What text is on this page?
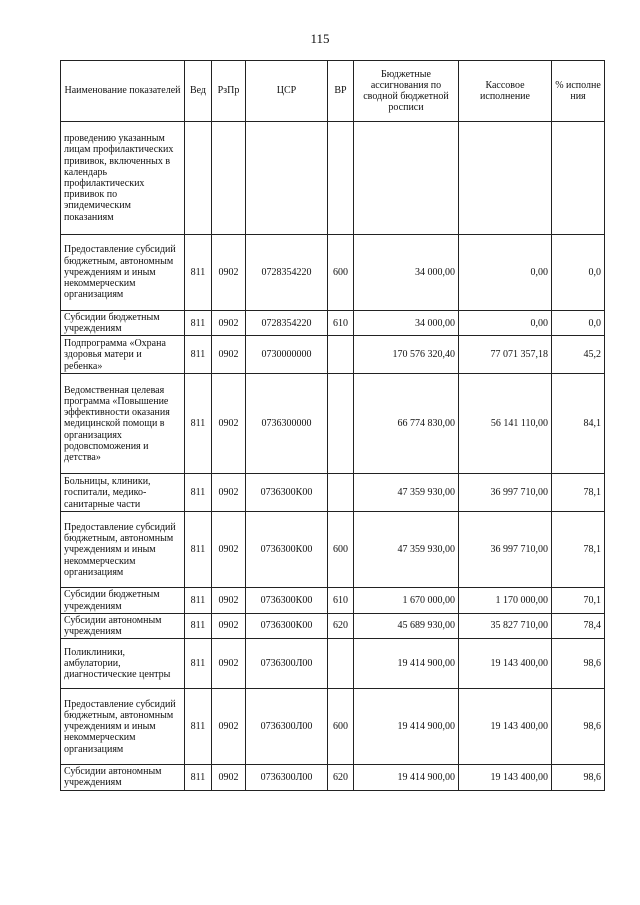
115
Наименование показателей	Вед	РзПр	ЦСР	ВР	Бюджетные ассигнования по сводной бюджетной росписи	Кассовое исполнение	% исполне ния
проведению указанным лицам профилактических прививок, включенных в календарь профилактических прививок по эпидемическим показаниям							
Предоставление субсидий бюджетным, автономным учреждениям и иным некоммерческим организациям	811	0902	0728354220	600	34 000,00	0,00	0,0
Субсидии бюджетным учреждениям	811	0902	0728354220	610	34 000,00	0,00	0,0
Подпрограмма «Охрана здоровья матери и ребенка»	811	0902	0730000000		170 576 320,40	77 071 357,18	45,2
Ведомственная целевая программа «Повышение эффективности оказания медицинской помощи в организациях родовспоможения и детства»	811	0902	0736300000		66 774 830,00	56 141 110,00	84,1
Больницы, клиники, госпитали, медико-санитарные части	811	0902	0736300К00		47 359 930,00	36 997 710,00	78,1
Предоставление субсидий бюджетным, автономным учреждениям и иным некоммерческим организациям	811	0902	0736300К00	600	47 359 930,00	36 997 710,00	78,1
Субсидии бюджетным учреждениям	811	0902	0736300К00	610	1 670 000,00	1 170 000,00	70,1
Субсидии автономным учреждениям	811	0902	0736300К00	620	45 689 930,00	35 827 710,00	78,4
Поликлиники, амбулатории, диагностические центры	811	0902	0736300Л00		19 414 900,00	19 143 400,00	98,6
Предоставление субсидий бюджетным, автономным учреждениям и иным некоммерческим организациям	811	0902	0736300Л00	600	19 414 900,00	19 143 400,00	98,6
Субсидии автономным учреждениям	811	0902	0736300Л00	620	19 414 900,00	19 143 400,00	98,6
